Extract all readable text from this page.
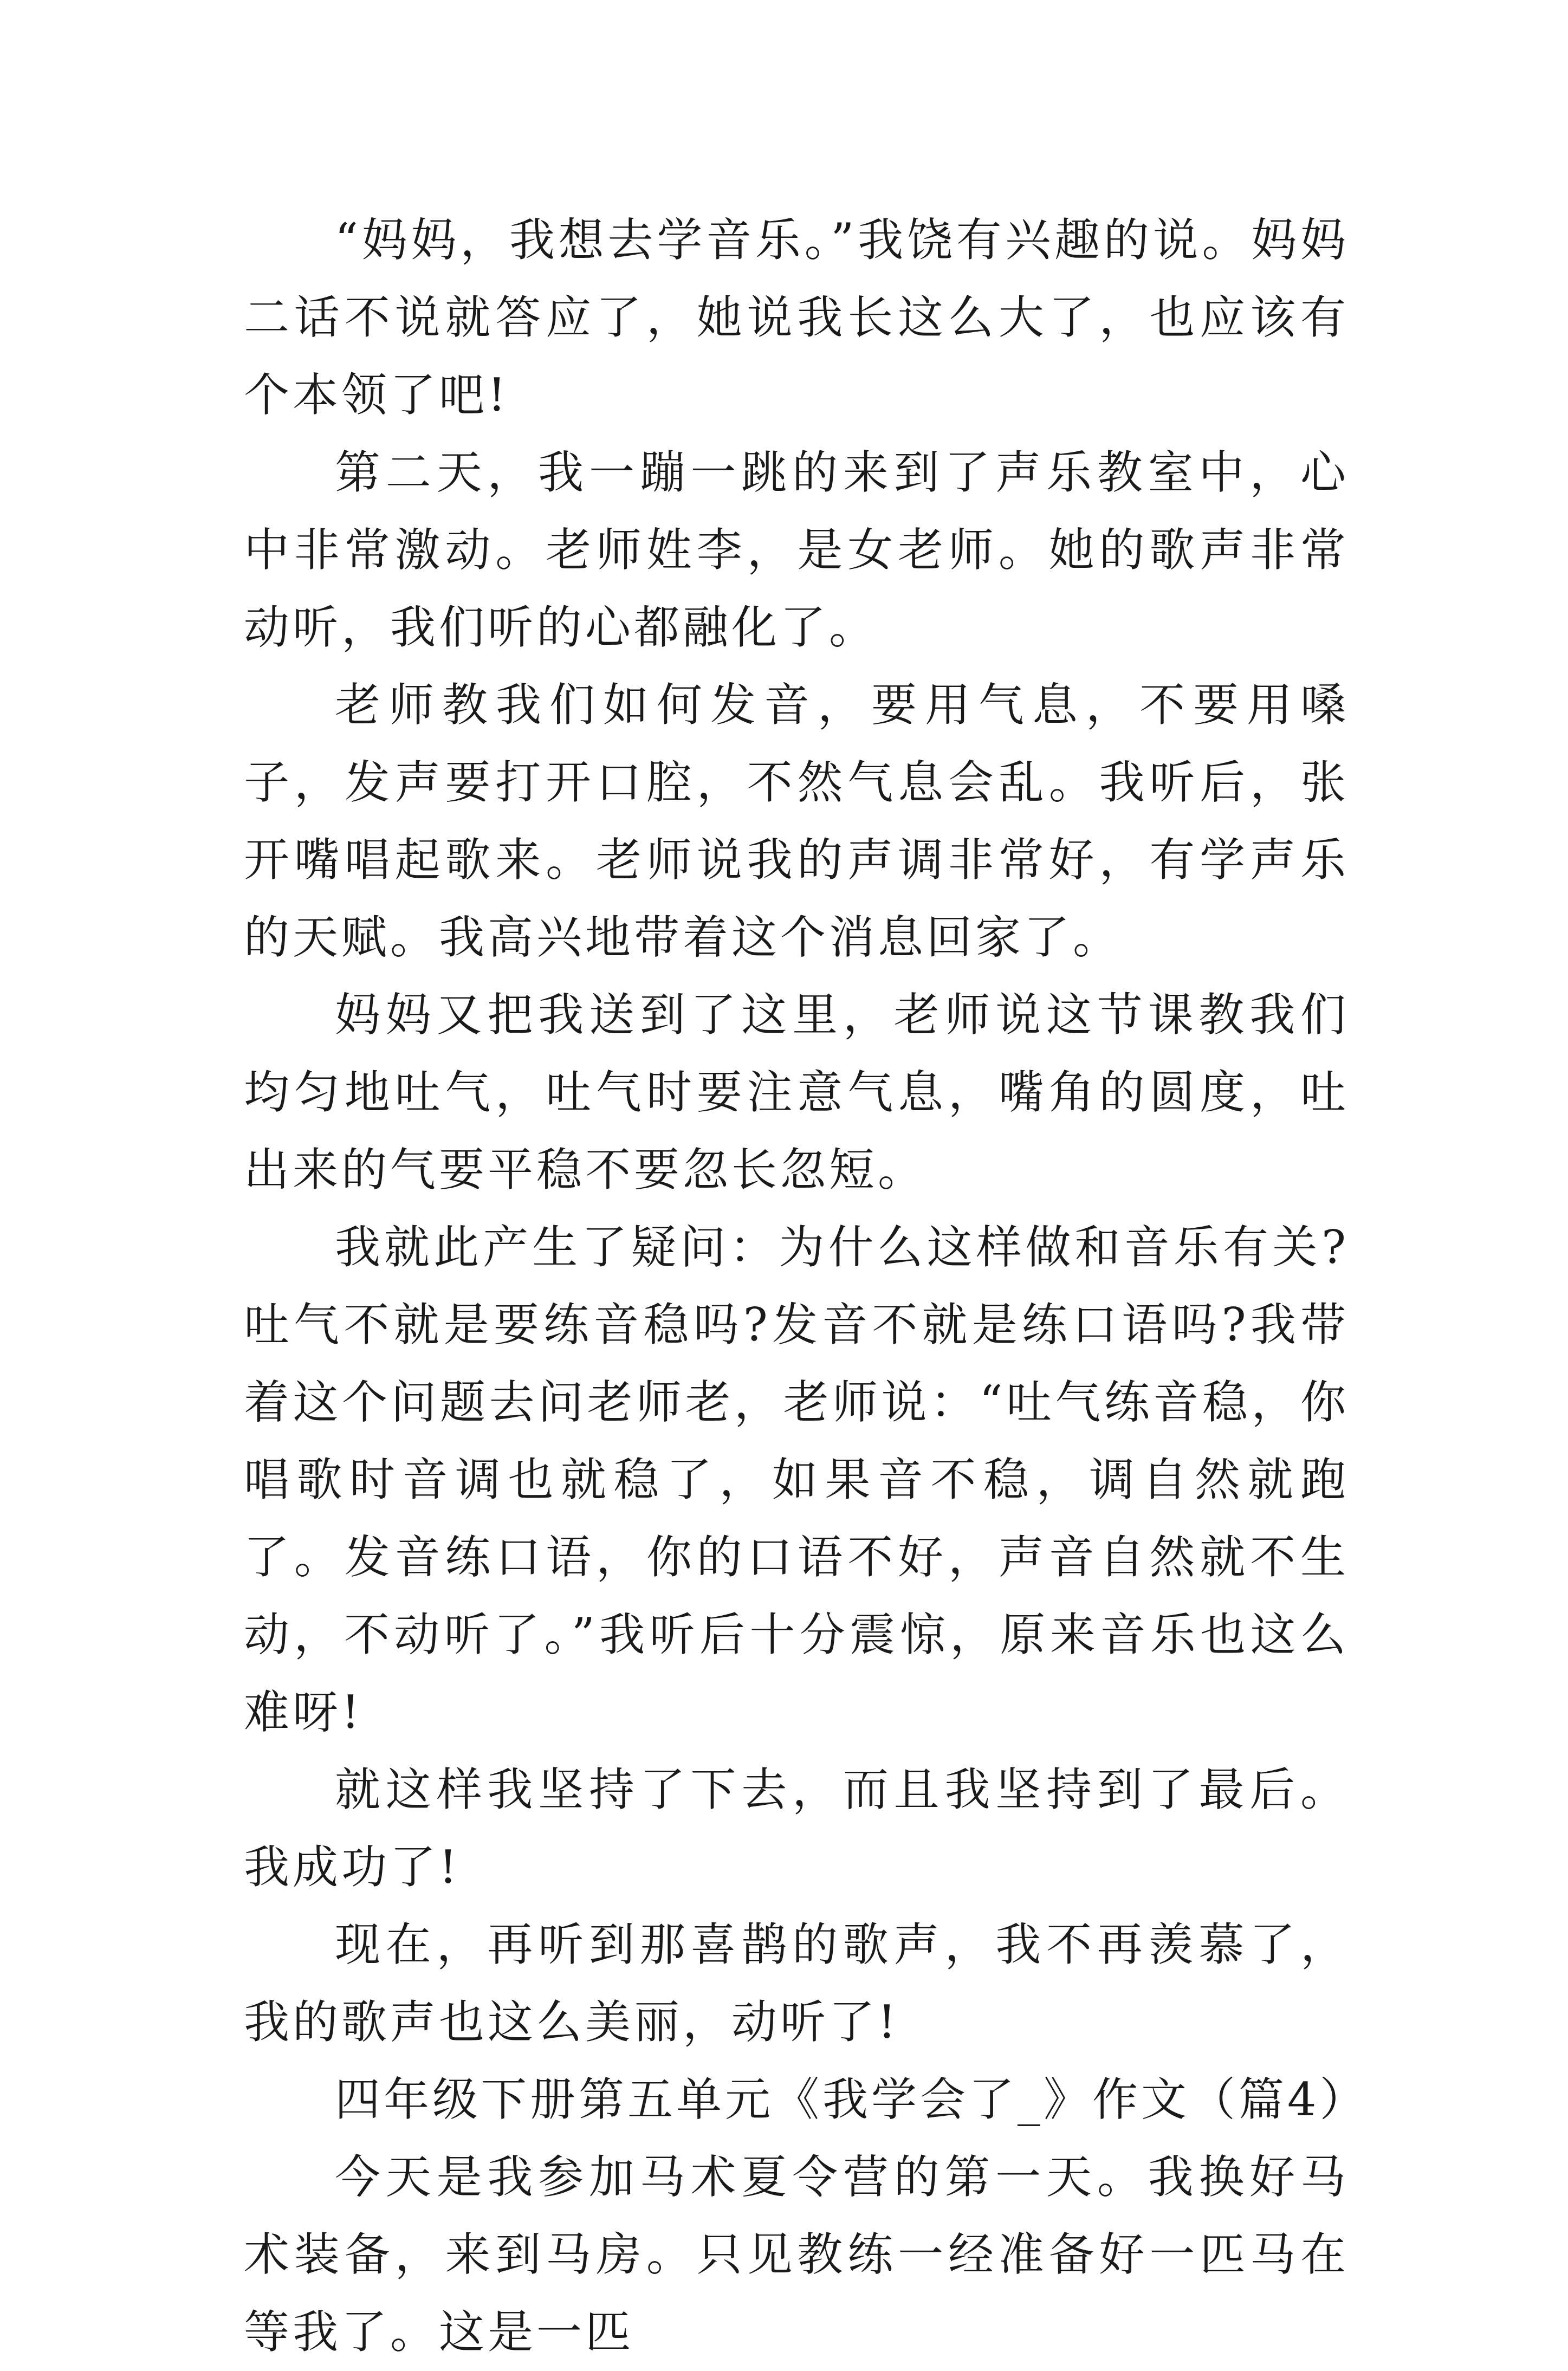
“妈妈，我想去学音乐。”我饶有兴趣的说。妈妈二话不说就答应了，她说我长这么大了，也应该有个本领了吧!

第二天，我一蹦一跳的来到了声乐教室中，心中非常激动。老师姓李，是女老师。她的歌声非常动听，我们听的心都融化了。

老师教我们如何发音，要用气息，不要用嗓子，发声要打开口腔，不然气息会乱。我听后，张开嘴唱起歌来。老师说我的声调非常好，有学声乐的天赋。我高兴地带着这个消息回家了。

妈妈又把我送到了这里，老师说这节课教我们均匀地吐气，吐气时要注意气息，嘴角的圆度，吐出来的气要平稳不要忽长忽短。

我就此产生了疑问：为什么这样做和音乐有关?吐气不就是要练音稳吗?发音不就是练口语吗?我带着这个问题去问老师老，老师说：“吐气练音稳，你唱歌时音调也就稳了，如果音不稳，调自然就跑了。发音练口语，你的口语不好，声音自然就不生动，不动听了。”我听后十分震惊，原来音乐也这么难呀!

就这样我坚持了下去，而且我坚持到了最后。我成功了!

现在，再听到那喜鹊的歌声，我不再羡慕了，我的歌声也这么美丽，动听了!

四年级下册第五单元《我学会了_》作文（篇4）

今天是我参加马术夏令营的第一天。我换好马术装备，来到马房。只见教练一经准备好一匹马在等我了。这是一匹
